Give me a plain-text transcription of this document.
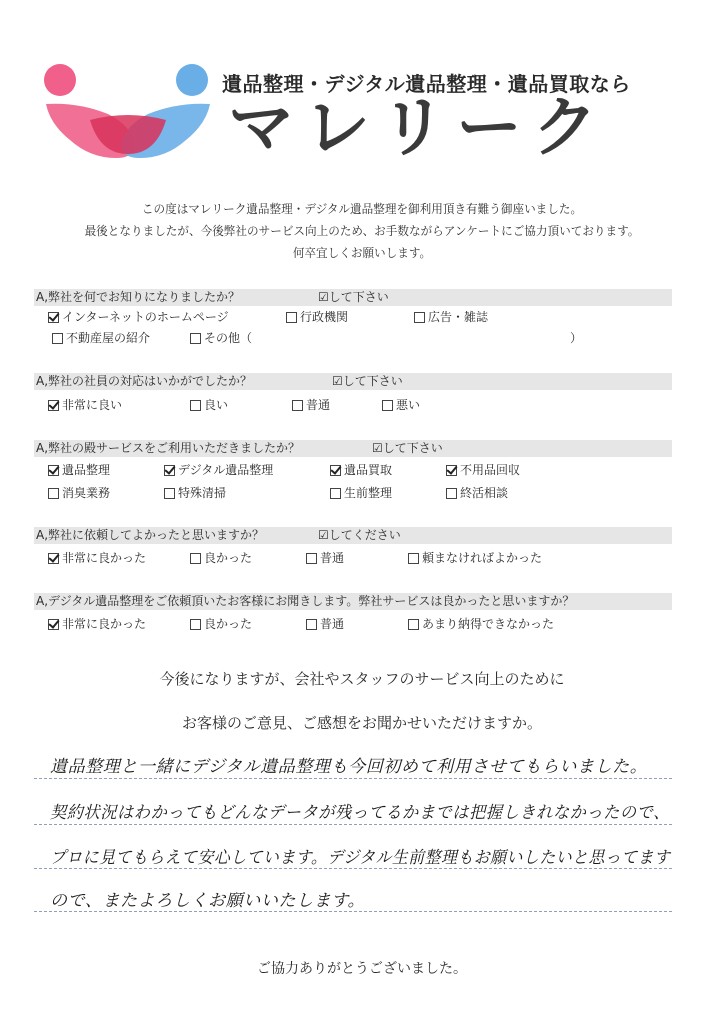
遺品整理・デジタル遺品整理・遺品買取なら
マレリーク
この度はマレリーク遺品整理・デジタル遺品整理を御利用頂き有難う御座いました。
最後となりましたが、今後弊社のサービス向上のため、お手数ながらアンケートにご協力頂いております。
何卒宜しくお願いします。
A,弊社を何でお知りになりましたか？	☑して下さい
インターネットのホームページ	行政機関	広告・雑誌
不動産屋の紹介	その他（	）
A,弊社の社員の対応はいかがでしたか？	☑して下さい
非常に良い	良い	普通	悪い
A,弊社の殿サービスをご利用いただきましたか？	☑して下さい
遺品整理	デジタル遺品整理	遺品買取	不用品回収
消臭業務	特殊清掃	生前整理	終活相談
A,弊社に依頼してよかったと思いますか？	☑してください
非常に良かった	良かった	普通	頼まなければよかった
A,デジタル遺品整理をご依頼頂いたお客様にお聞きします。弊社サービスは良かったと思いますか？
非常に良かった	良かった	普通	あまり納得できなかった
今後になりますが、会社やスタッフのサービス向上のために
お客様のご意見、ご感想をお聞かせいただけますか。
遺品整理と一緒にデジタル遺品整理も今回初めて利用させてもらいました。
契約状況はわかってもどんなデータが残ってるかまでは把握しきれなかったので、
プロに見てもらえて安心しています。デジタル生前整理もお願いしたいと思ってます
ので、またよろしくお願いいたします。
ご協力ありがとうございました。
